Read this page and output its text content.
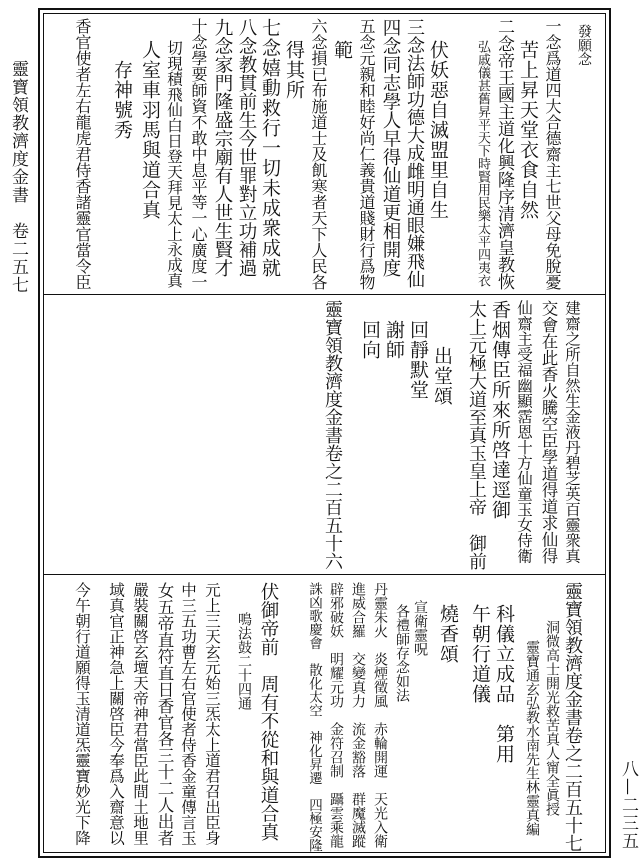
靈寶領教濟度金書　卷二五七
八—二三五
發願念
一念爲道四大合德齋主七世父母免脫憂
苦上昇天堂衣食自然
二念帝王國主道化興隆序清濟皇教恢
弘戚儀甚舊昇平天下時賢用民樂太平四夷衣
伏妖惡自滅盟里自生
三念法師功德大成雌明通眼嫌飛仙
四念同志學人早得仙道更相開度
五念元親和睦好尚仁義貴道賤財行爲物
範
六念損已布施道士及飢寒者天下人民各
得其所
七念嬉動救行一切未成衆成就
八念教貫前生今世罪對立功補過
九念家門隆盛宗廟有人世生賢才
十念學要師資不敢中息平等一心廣度一
切現積飛仙白日登天拜見太上永成真
人室車羽馬與道合真
存神號秀
香官使者左右龍虎君侍香諸靈官當令臣
建齋之所自然生金液丹碧芝英百靈衆真
交會在此香火騰空臣學道得道求仙得
仙齋主受福幽顯霑恩十方仙童玉女侍衛
香烟傳臣所來所啓達逕御
太上元極大道至真玉皇上帝　御前
出堂頌
回靜默堂
謝師
回向
靈寶領教濟度金書卷之二百五十六
靈寶領教濟度金書卷之二百五十七
洞微高士開光救苦真人甯全眞授
靈寶通玄弘教水南先生林靈真編
科儀立成品　第用
午朝行道儀
燒香頌
宣衛靈呪
各禮師存念如法
丹靈朱火　炎煙徵風　赤輪開運　天光入衛
進威合羅　交變真力　流金豁落　群魔滅蹤
辟邪破妖　明耀元功　金符召制　躡雲乘龍
誅凶歌慶會　散化太空　神化昇遷　四極安隆
伏御帝前　周有不從和與道合真
鳴法鼓二十四通
元上三天玄元始三炁太上道君召出臣身
中三五功曹左右官使者侍香金童傳言玉
女五帝直符直日香官各三十二人出者
嚴裝關啓玄壇天帝神君當臣此間土地里
域真官正神急上關啓臣今奉爲入齋意以
今午朝行道願得玉清道炁靈寶妙光下降
